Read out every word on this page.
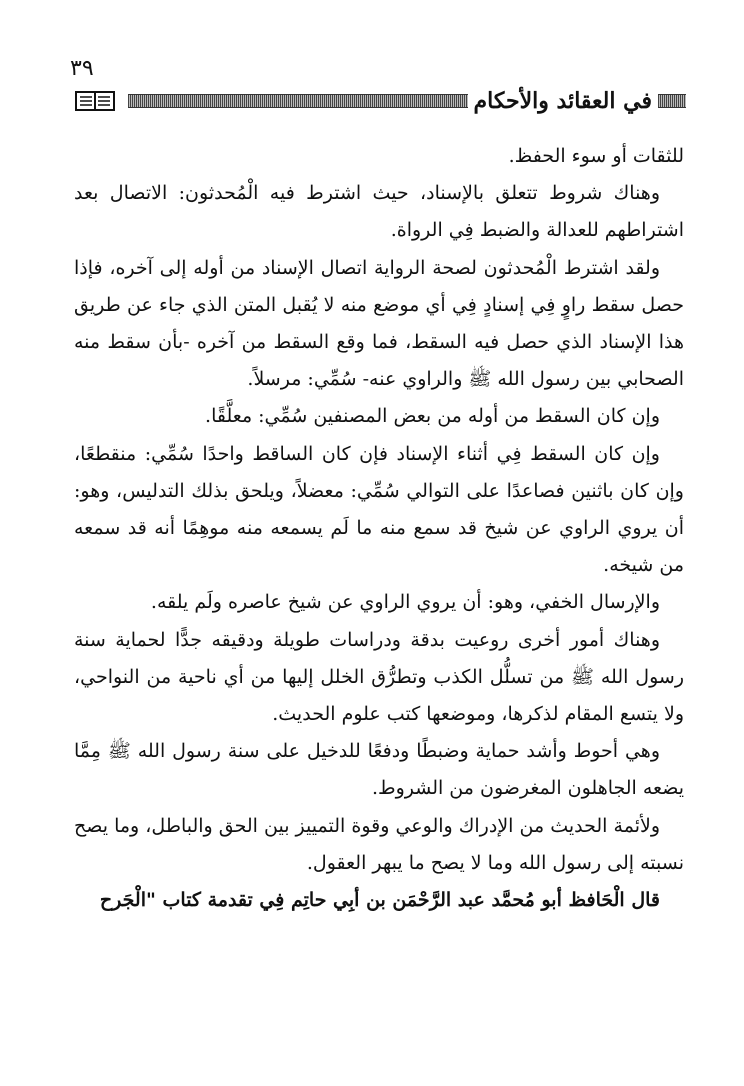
٣٩
في العقائد والأحكام

للثقات أو سوء الحفظ.

وهناك شروط تتعلق بالإسناد، حيث اشترط فيه الْمُحدثون: الاتصال بعد اشتراطهم للعدالة والضبط فِي الرواة.

ولقد اشترط الْمُحدثون لصحة الرواية اتصال الإسناد من أوله إلى آخره، فإذا حصل سقط راوٍ فِي إسنادٍ فِي أي موضع منه لا يُقبل المتن الذي جاء عن طريق هذا الإسناد الذي حصل فيه السقط، فما وقع السقط من آخره -بأن سقط منه الصحابي بين رسول الله ﷺ والراوي عنه- سُمِّي: مرسلاً.

وإن كان السقط من أوله من بعض المصنفين سُمِّي: معلَّقًا.

وإن كان السقط فِي أثناء الإسناد فإن كان الساقط واحدًا سُمِّي: منقطعًا، وإن كان باثنين فصاعدًا على التوالي سُمِّي: معضلاً، ويلحق بذلك التدليس، وهو: أن يروي الراوي عن شيخ قد سمع منه ما لَم يسمعه منه موهِمًا أنه قد سمعه من شيخه.

والإرسال الخفي، وهو: أن يروي الراوي عن شيخ عاصره ولَم يلقه.

وهناك أمور أخرى روعيت بدقة ودراسات طويلة ودقيقه جدًّا لحماية سنة رسول الله ﷺ من تسلُّل الكذب وتطرُّق الخلل إليها من أي ناحية من النواحي، ولا يتسع المقام لذكرها، وموضعها كتب علوم الحديث.

وهي أحوط وأشد حماية وضبطًا ودفعًا للدخيل على سنة رسول الله ﷺ مِمَّا يضعه الجاهلون المغرضون من الشروط.

ولأئمة الحديث من الإدراك والوعي وقوة التمييز بين الحق والباطل، وما يصح نسبته إلى رسول الله وما لا يصح ما يبهر العقول.

قال الْحَافظ أبو مُحمَّد عبد الرَّحْمَن بن أبِي حاتِم فِي تقدمة كتاب "الْجَرح
